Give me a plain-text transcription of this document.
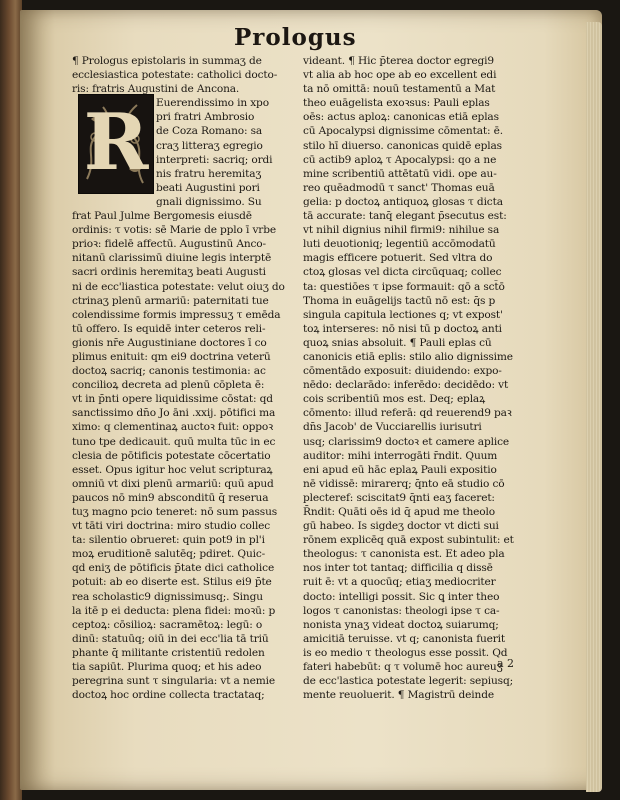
Prologus
R
¶ Prologus epistolaris in summaʒ de
ecclesiastica potestate: catholici docto-
ris: fratris Augustini de Ancona.
Euerendissimo in xpo
pri fratri Ambrosio
de Coza Romano: sa
craʒ litteraʒ egregio
interpreti: sacriq; ordi
nis fratru heremitaʒ
beati Augustini pori
gnali dignissimo. Su
frat Paul Julme Bergomesis eiusdē
ordinis: τ votis: sē Marie de pplo ī vrbe
prioꝛ: fidelē affectū. Augustinū Anco-
nitanū clarissimū diuine legis interptē
sacri ordinis heremitaʒ beati Augusti
ni de ecc'liastica potestate: velut oiuʒ do
ctrinaʒ plenū armariū: paternitati tue
colendissime formis impressuʒ τ emēda
tū offero. Is equidē inter ceteros reli-
gionis nr̄e Augustiniane doctores ī co
plimus enituit: qm ei9 doctrina veterū
doctoꝝ sacriq; canonis testimonia: ac
concilioꝝ decreta ad plenū cōpleta ē:
vt in p̄nti opere liquidissime cōstat: qd
sanctissimo dn̄o Jo āni .xxij. pōtifici ma
ximo: q clementinaꝝ auctoꝛ fuit: oppoꝛ
tuno tpe dedicauit. quū multa tūc in ec
clesia de pōtificis potestate cōcertatio
esset. Opus igitur hoc velut scripturaꝝ
omniū vt dixi plenū armariū: quū apud
paucos nō min9 absconditū q̄ reserua
tuʒ magno pcio teneret: nō sum passus
vt tāti viri doctrina: miro studio collec
ta: silentio obrueret: quin pot9 in pl'i
moꝝ eruditionē salutēq; pdiret. Quic-
qd eniʒ de pōtificis p̄tate dici catholice
potuit: ab eo diserte est. Stilus ei9 p̄te
rea scholastic9 dignissimusq;. Singu
la itē p ei deducta: plena fidei: moꝛū: p
ceptoꝝ: cōsilioꝝ: sacramētoꝝ: legū: o
dinū: statuūq; oiū in dei ecc'lia tā triū
phante q̄ militante cristentiū redolen
tia sapiūt. Plurima quoq; et his adeo
peregrina sunt τ singularia: vt a nemie
doctoꝝ hoc ordine collecta tractataq;
videant. ¶ Hic p̄terea doctor egregi9
vt alia ab hoc ope ab eo excellent edi
ta nō omittā: nouū testamentū a Mat
theo euāgelista exoꝛsus: Pauli eplas
oēs: actus aploꝝ: canonicas etiā eplas
cū Apocalypsi dignissime cōmentat: ē.
stilo hī diuerso. canonicas quidē eplas
cū actib9 aploꝝ τ Apocalypsi: qo a ne
mine scribentiū attētatū vidi. ope au-
reo quēadmodū τ sanct' Thomas euā
gelia: p doctoꝝ antiquoꝝ glosas τ dicta
tā accurate: tanq̄ elegant p̄secutus est:
vt nihil dignius nihil firmi9: nihilue sa
luti deuotioniq; legentiū accōmodatū
magis efficere potuerit. Sed vltra do
ctoꝝ glosas vel dicta circūquaq; collec
ta: questiōes τ ipse formauit: qō a sct̄ō
Thoma in euāgelijs tactū nō est: q̄s p
singula capitula lectiones q; vt expost'
toꝝ interseres: nō nisi tū p doctoꝝ anti
quoꝝ snias absoluit. ¶ Pauli eplas cū
canonicis etiā eplis: stilo alio dignissime
cōmentādo exposuit: diuidendo: expo-
nēdo: declarādo: inferēdo: decidēdo: vt
cois scribentiū mos est. Deq; eplaꝝ
cōmento: illud referā: qd reuerend9 paꝛ
dn̄s Jacob' de Vucciarellis iurisutri
usq; clarissim9 doctoꝛ et camere aplice
auditor: mihi interrogāti r̄ndit. Quum
eni apud eū hāc eplaꝝ Pauli expositio
nē vidissē: mirarerq; q̄nto eā studio cō
plecteref: sciscitat9 q̄nti eaʒ faceret:
R̄ndit: Quāti oēs id q̄ apud me theolo
gū habeo. Is sigdeʒ doctor vt dicti sui
rōnem explicēq quā expost subintulit: et
theologus: τ canonista est. Et adeo pla
nos inter tot tantaq; difficilia q dissē
ruit ē: vt a quocūq; etiaʒ mediocriter
docto: intelligi possit. Sic ꝗ inter theo
logos τ canonistas: theologi ipse τ ca-
nonista ynaʒ videat doctoꝝ suiarumq;
amicitiā teruisse. vt q; canonista fuerit
is eo medio τ theologus esse possit. Qd
fateri habebūt: q τ volumē hoc aureuʒ
de ecc'lastica potestate legerit: sepiusq;
mente reuoluerit. ¶ Magistrū deinde
a 2
